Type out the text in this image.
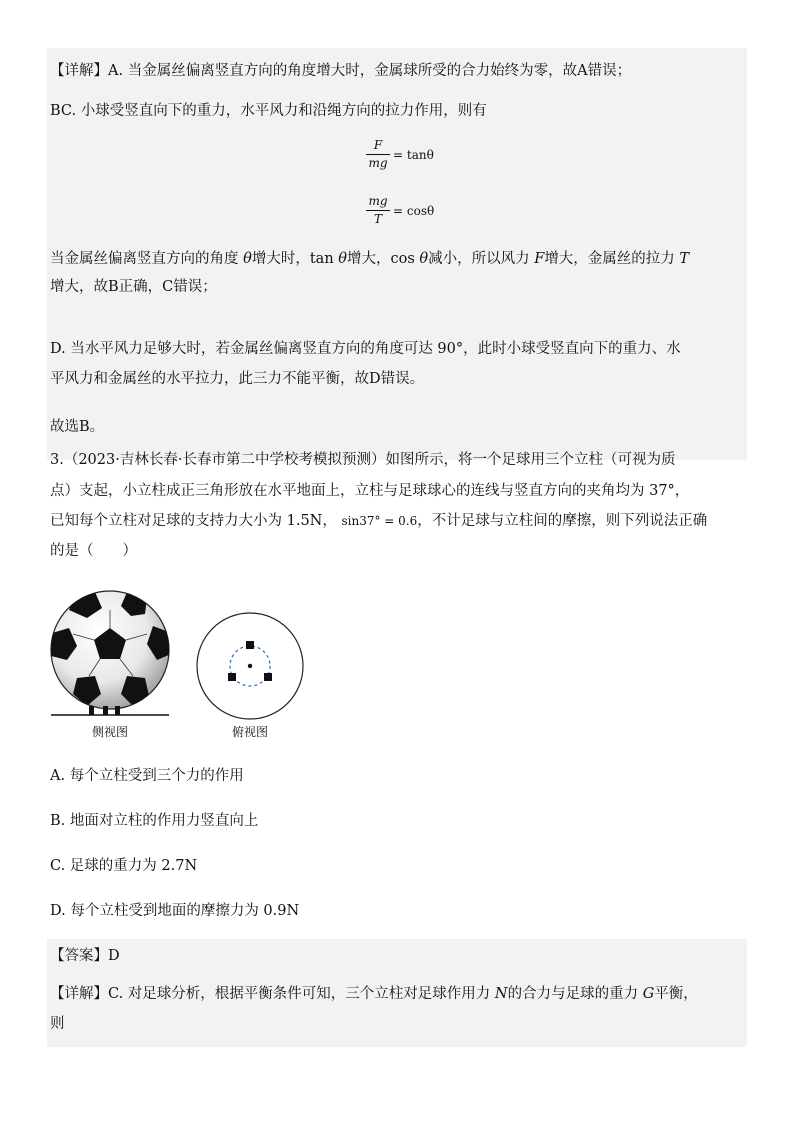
【详解】A. 当金属丝偏离竖直方向的角度增大时，金属球所受的合力始终为零，故A错误；
BC. 小球受竖直向下的重力，水平风力和沿绳方向的拉力作用，则有
$\frac{F}{mg} = \tan\theta$
$\frac{mg}{T} = \cos\theta$
当金属丝偏离竖直方向的角度 θ增大时，tan θ增大，cos θ减小，所以风力 F增大，金属丝的拉力 T
增大，故B正确，C错误；
D. 当水平风力足够大时，若金属丝偏离竖直方向的角度可达 90°，此时小球受竖直向下的重力、水
平风力和金属丝的水平拉力，此三力不能平衡，故D错误。
故选B。
3.（2023·吉林长春·长春市第二中学校考模拟预测）如图所示，将一个足球用三个立柱（可视为质
点）支起，小立柱成正三角形放在水平地面上，立柱与足球球心的连线与竖直方向的夹角均为 37°，
已知每个立柱对足球的支持力大小为 1.5N， sin37° = 0.6，不计足球与立柱间的摩擦，则下列说法正确
的是（　　）
侧视图	俯视图
A. 每个立柱受到三个力的作用
B. 地面对立柱的作用力竖直向上
C. 足球的重力为 2.7N
D. 每个立柱受到地面的摩擦力为 0.9N
【答案】D
【详解】C. 对足球分析，根据平衡条件可知，三个立柱对足球作用力 N的合力与足球的重力 G平衡，
则
